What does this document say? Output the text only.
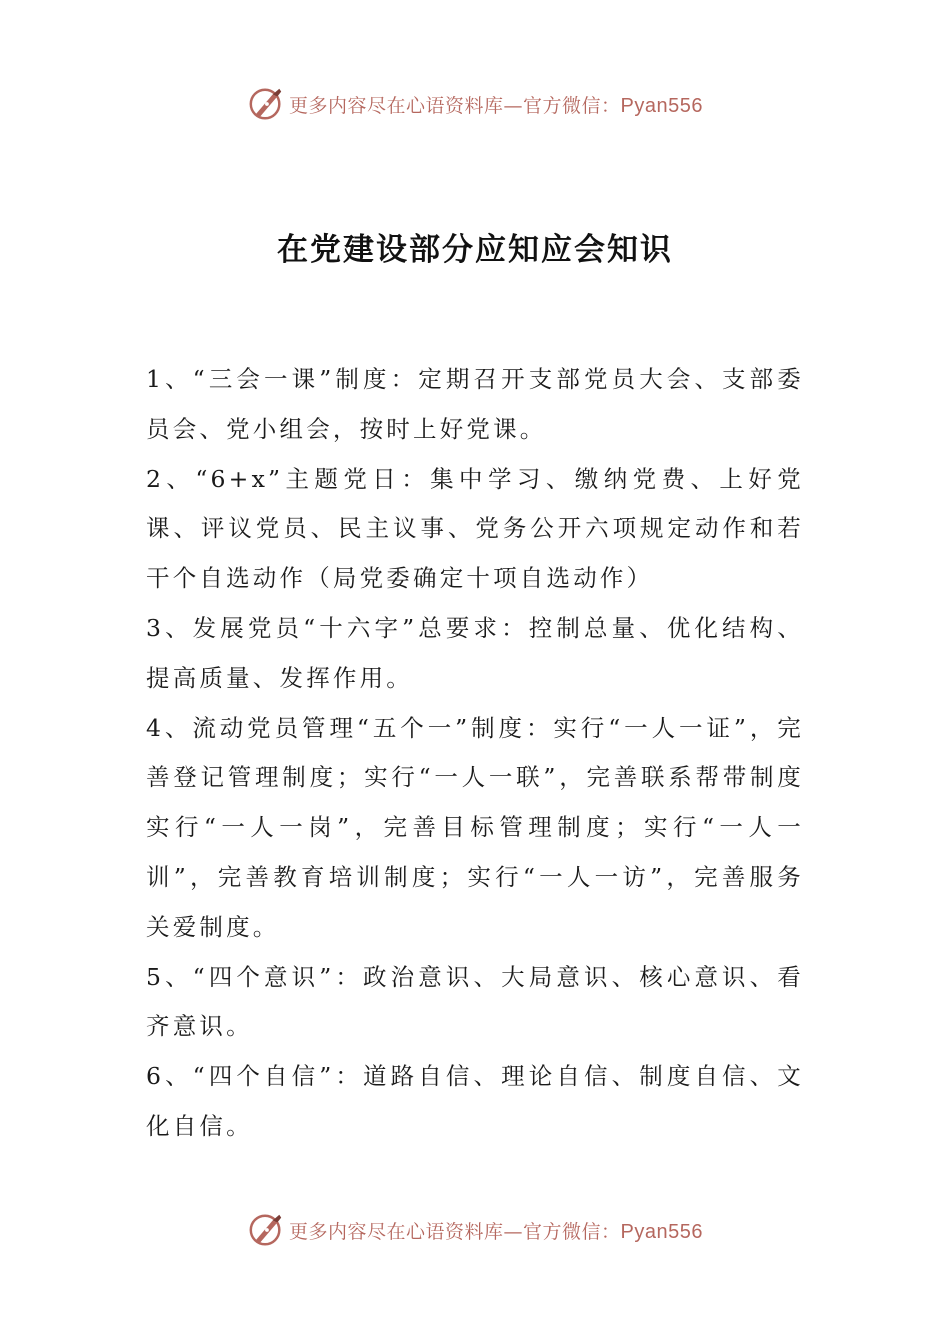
更多内容尽在心语资料库—官方微信：Pyan556
在党建设部分应知应会知识

1、“三会一课”制度：定期召开支部党员大会、支部委员会、党小组会，按时上好党课。

2、“6+x”主题党日：集中学习、缴纳党费、上好党课、评议党员、民主议事、党务公开六项规定动作和若干个自选动作（局党委确定十项自选动作）

3、发展党员“十六字”总要求：控制总量、优化结构、提高质量、发挥作用。

4、流动党员管理“五个一”制度：实行“一人一证”，完善登记管理制度；实行“一人一联”，完善联系帮带制度实行“一人一岗”，完善目标管理制度；实行“一人一训”，完善教育培训制度；实行“一人一访”，完善服务关爱制度。

5、“四个意识”：政治意识、大局意识、核心意识、看齐意识。

6、“四个自信”：道路自信、理论自信、制度自信、文化自信。

更多内容尽在心语资料库—官方微信：Pyan556
